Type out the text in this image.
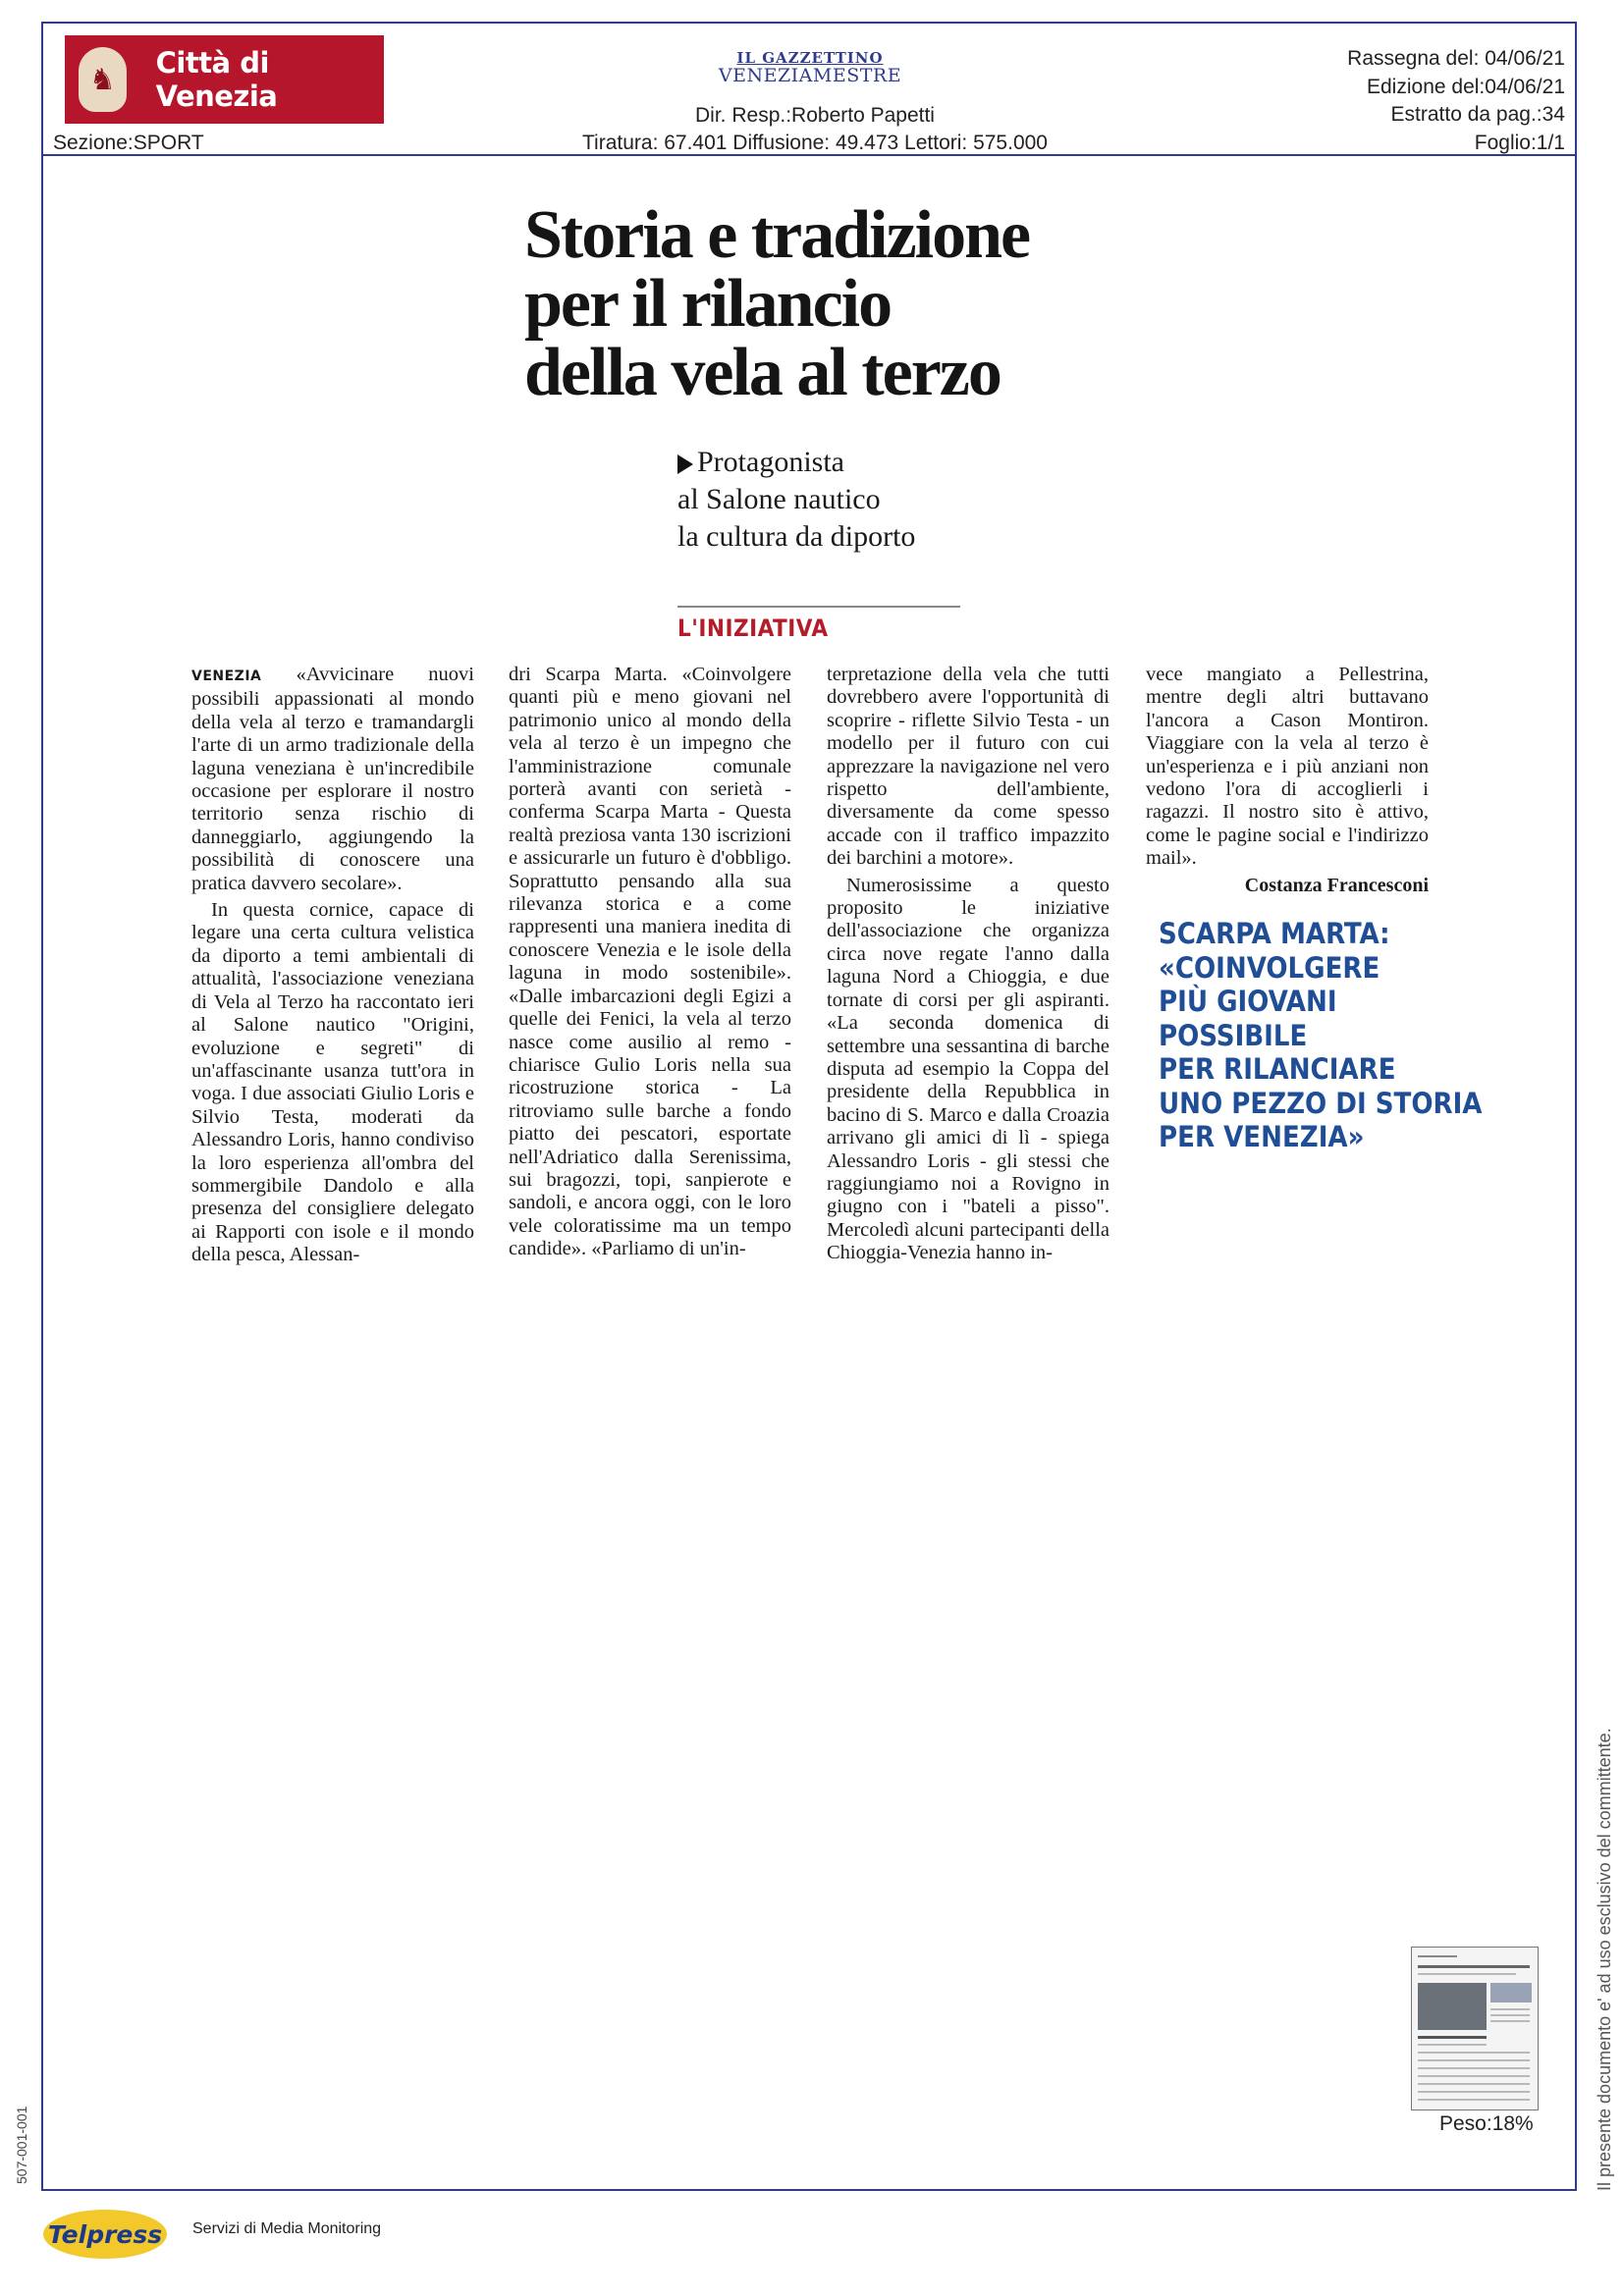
♞	Città di Venezia
IL GAZZETTINO
VENEZIAMESTRE
Dir. Resp.:Roberto Papetti
Tiratura: 67.401 Diffusione: 49.473 Lettori: 575.000
Sezione:SPORT
Rassegna del: 04/06/21
Edizione del:04/06/21
Estratto da pag.:34
Foglio:1/1
Storia e tradizione
per il rilancio
della vela al terzo
Protagonista
al Salone nautico
la cultura da diporto
L'INIZIATIVA

VENEZIA «Avvicinare nuovi possibili appassionati al mondo della vela al terzo e tramandargli l'arte di un armo tradizionale della laguna veneziana è un'incredibile occasione per esplorare il nostro territorio senza rischio di danneggiarlo, aggiungendo la possibilità di conoscere una pratica davvero secolare».

In questa cornice, capace di legare una certa cultura velistica da diporto a temi ambientali di attualità, l'associazione veneziana di Vela al Terzo ha raccontato ieri al Salone nautico "Origini, evoluzione e segreti" di un'affascinante usanza tutt'ora in voga. I due associati Giulio Loris e Silvio Testa, moderati da Alessandro Loris, hanno condiviso la loro esperienza all'ombra del sommergibile Dandolo e alla presenza del consigliere delegato ai Rapporti con isole e il mondo della pesca, Alessan-

dri Scarpa Marta. «Coinvolgere quanti più e meno giovani nel patrimonio unico al mondo della vela al terzo è un impegno che l'amministrazione comunale porterà avanti con serietà - conferma Scarpa Marta - Questa realtà preziosa vanta 130 iscrizioni e assicurarle un futuro è d'obbligo. Soprattutto pensando alla sua rilevanza storica e a come rappresenti una maniera inedita di conoscere Venezia e le isole della laguna in modo sostenibile». «Dalle imbarcazioni degli Egizi a quelle dei Fenici, la vela al terzo nasce come ausilio al remo - chiarisce Gulio Loris nella sua ricostruzione storica - La ritroviamo sulle barche a fondo piatto dei pescatori, esportate nell'Adriatico dalla Serenissima, sui bragozzi, topi, sanpierote e sandoli, e ancora oggi, con le loro vele coloratissime ma un tempo candide». «Parliamo di un'in-

terpretazione della vela che tutti dovrebbero avere l'opportunità di scoprire - riflette Silvio Testa - un modello per il futuro con cui apprezzare la navigazione nel vero rispetto dell'ambiente, diversamente da come spesso accade con il traffico impazzito dei barchini a motore».

Numerosissime a questo proposito le iniziative dell'associazione che organizza circa nove regate l'anno dalla laguna Nord a Chioggia, e due tornate di corsi per gli aspiranti. «La seconda domenica di settembre una sessantina di barche disputa ad esempio la Coppa del presidente della Repubblica in bacino di S. Marco e dalla Croazia arrivano gli amici di lì - spiega Alessandro Loris - gli stessi che raggiungiamo noi a Rovigno in giugno con i "bateli a pisso". Mercoledì alcuni partecipanti della Chioggia-Venezia hanno in-

vece mangiato a Pellestrina, mentre degli altri buttavano l'ancora a Cason Montiron. Viaggiare con la vela al terzo è un'esperienza e i più anziani non vedono l'ora di accoglierli i ragazzi. Il nostro sito è attivo, come le pagine social e l'indirizzo mail».

Costanza Francesconi
SCARPA MARTA:
«COINVOLGERE
PIÙ GIOVANI POSSIBILE
PER RILANCIARE
UNO PEZZO DI STORIA
PER VENEZIA»
Il presente documento e' ad uso esclusivo del committente.
507-001-001	Peso:18%
Telpress Servizi di Media Monitoring
